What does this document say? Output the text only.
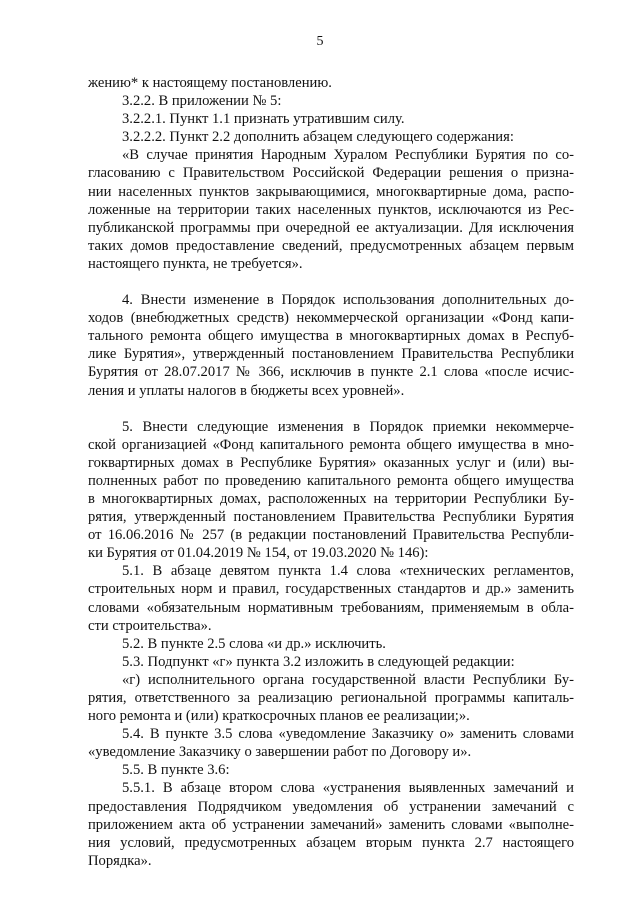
5
жению* к настоящему постановлению.
3.2.2. В приложении № 5:
3.2.2.1. Пункт 1.1 признать утратившим силу.
3.2.2.2. Пункт 2.2 дополнить абзацем следующего содержания:
«В случае принятия Народным Хуралом Республики Бурятия по со-
гласованию с Правительством Российской Федерации решения о призна-
нии населенных пунктов закрывающимися, многоквартирные дома, распо-
ложенные на территории таких населенных пунктов, исключаются из Рес-
публиканской программы при очередной ее актуализации. Для исключения
таких домов предоставление сведений, предусмотренных абзацем первым
настоящего пункта, не требуется».
4. Внести изменение в Порядок использования дополнительных до-
ходов (внебюджетных средств) некоммерческой организации «Фонд капи-
тального ремонта общего имущества в многоквартирных домах в Респуб-
лике Бурятия», утвержденный постановлением Правительства Республики
Бурятия от 28.07.2017 № 366, исключив в пункте 2.1 слова «после исчис-
ления и уплаты налогов в бюджеты всех уровней».
5. Внести следующие изменения в Порядок приемки некоммерче-
ской организацией «Фонд капитального ремонта общего имущества в мно-
гоквартирных домах в Республике Бурятия» оказанных услуг и (или) вы-
полненных работ по проведению капитального ремонта общего имущества
в многоквартирных домах, расположенных на территории Республики Бу-
рятия, утвержденный постановлением Правительства Республики Бурятия
от 16.06.2016 № 257 (в редакции постановлений Правительства Республи-
ки Бурятия от 01.04.2019 № 154, от 19.03.2020 № 146):
5.1. В абзаце девятом пункта 1.4 слова «технических регламентов,
строительных норм и правил, государственных стандартов и др.» заменить
словами «обязательным нормативным требованиям, применяемым в обла-
сти строительства».
5.2. В пункте 2.5 слова «и др.» исключить.
5.3. Подпункт «г» пункта 3.2 изложить в следующей редакции:
«г) исполнительного органа государственной власти Республики Бу-
рятия, ответственного за реализацию региональной программы капиталь-
ного ремонта и (или) краткосрочных планов ее реализации;».
5.4. В пункте 3.5 слова «уведомление Заказчику о» заменить словами
«уведомление Заказчику о завершении работ по Договору и».
5.5. В пункте 3.6:
5.5.1. В абзаце втором слова «устранения выявленных замечаний и
предоставления Подрядчиком уведомления об устранении замечаний с
приложением акта об устранении замечаний» заменить словами «выполне-
ния условий, предусмотренных абзацем вторым пункта 2.7 настоящего
Порядка».
